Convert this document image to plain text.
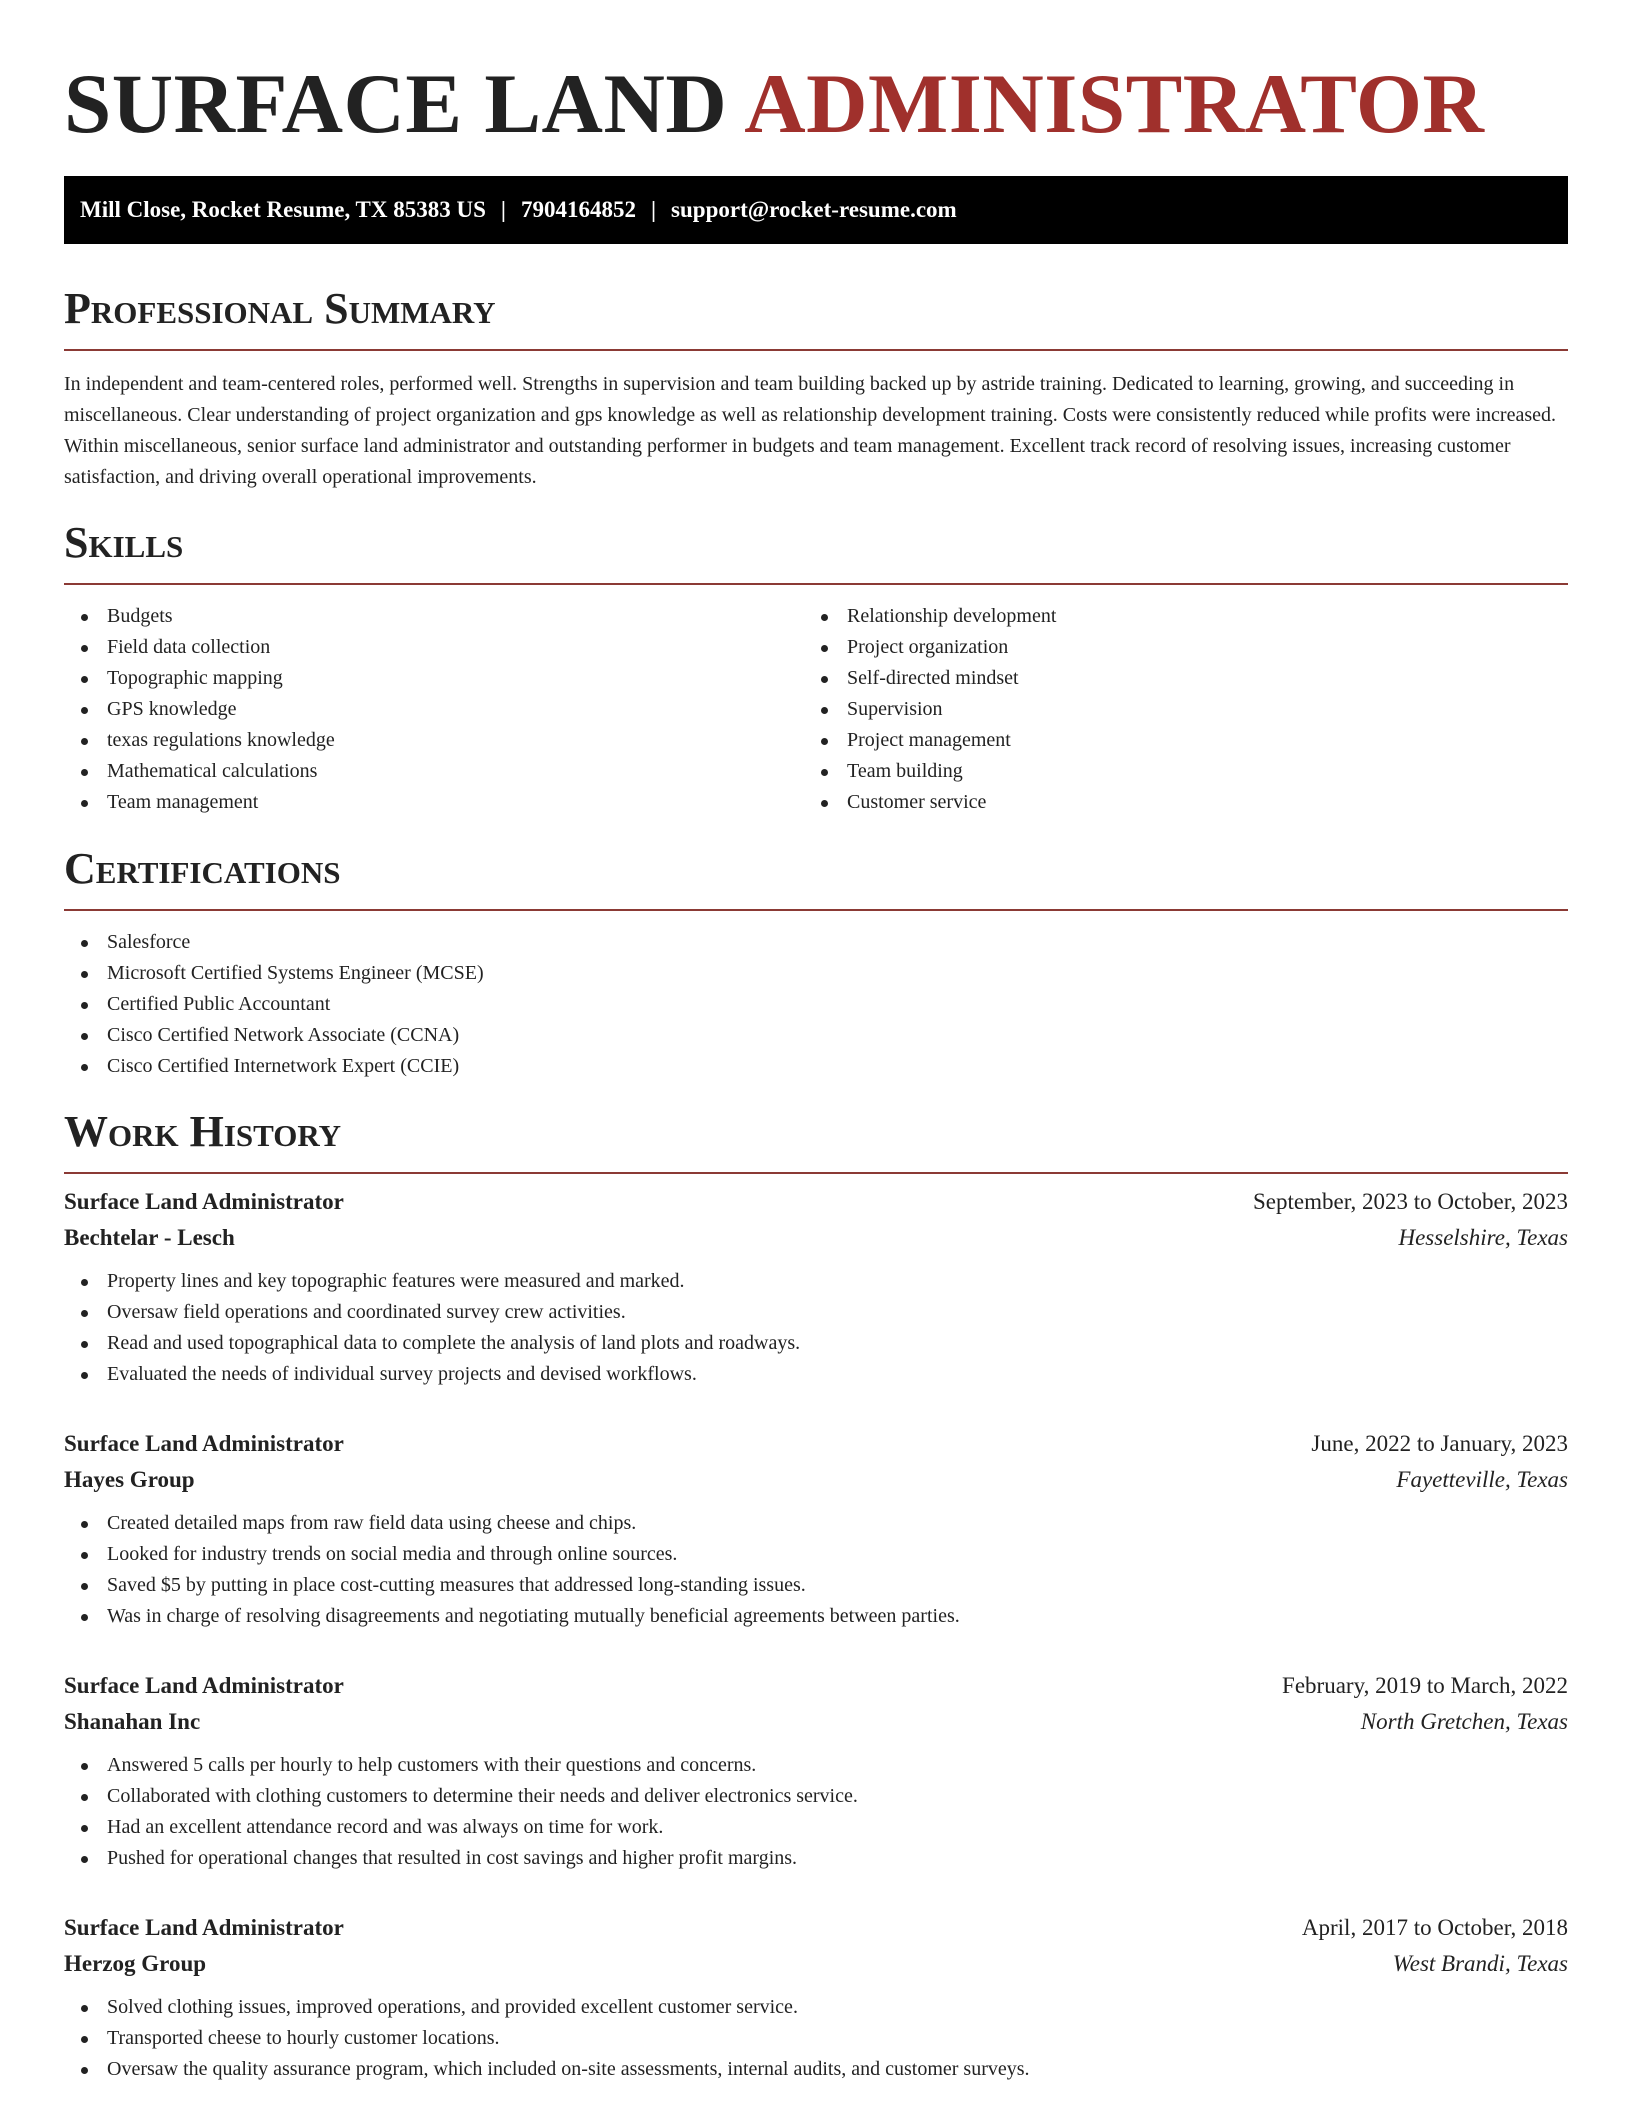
SURFACE LAND ADMINISTRATOR
Mill Close, Rocket Resume, TX 85383 US | 7904164852 | support@rocket-resume.com
Professional Summary

In independent and team-centered roles, performed well. Strengths in supervision and team building backed up by astride training. Dedicated to learning, growing, and succeeding in miscellaneous. Clear understanding of project organization and gps knowledge as well as relationship development training. Costs were consistently reduced while profits were increased. Within miscellaneous, senior surface land administrator and outstanding performer in budgets and team management. Excellent track record of resolving issues, increasing customer satisfaction, and driving overall operational improvements.

Skills
Budgets
Field data collection
Topographic mapping
GPS knowledge
texas regulations knowledge
Mathematical calculations
Team management
Relationship development
Project organization
Self-directed mindset
Supervision
Project management
Team building
Customer service
Certifications
Salesforce
Microsoft Certified Systems Engineer (MCSE)
Certified Public Accountant
Cisco Certified Network Associate (CCNA)
Cisco Certified Internetwork Expert (CCIE)
Work History
Surface Land Administrator	September, 2023 to October, 2023
Bechtelar - Lesch	Hesselshire, Texas
Property lines and key topographic features were measured and marked.
Oversaw field operations and coordinated survey crew activities.
Read and used topographical data to complete the analysis of land plots and roadways.
Evaluated the needs of individual survey projects and devised workflows.
Surface Land Administrator	June, 2022 to January, 2023
Hayes Group	Fayetteville, Texas
Created detailed maps from raw field data using cheese and chips.
Looked for industry trends on social media and through online sources.
Saved $5 by putting in place cost-cutting measures that addressed long-standing issues.
Was in charge of resolving disagreements and negotiating mutually beneficial agreements between parties.
Surface Land Administrator	February, 2019 to March, 2022
Shanahan Inc	North Gretchen, Texas
Answered 5 calls per hourly to help customers with their questions and concerns.
Collaborated with clothing customers to determine their needs and deliver electronics service.
Had an excellent attendance record and was always on time for work.
Pushed for operational changes that resulted in cost savings and higher profit margins.
Surface Land Administrator	April, 2017 to October, 2018
Herzog Group	West Brandi, Texas
Solved clothing issues, improved operations, and provided excellent customer service.
Transported cheese to hourly customer locations.
Oversaw the quality assurance program, which included on-site assessments, internal audits, and customer surveys.
